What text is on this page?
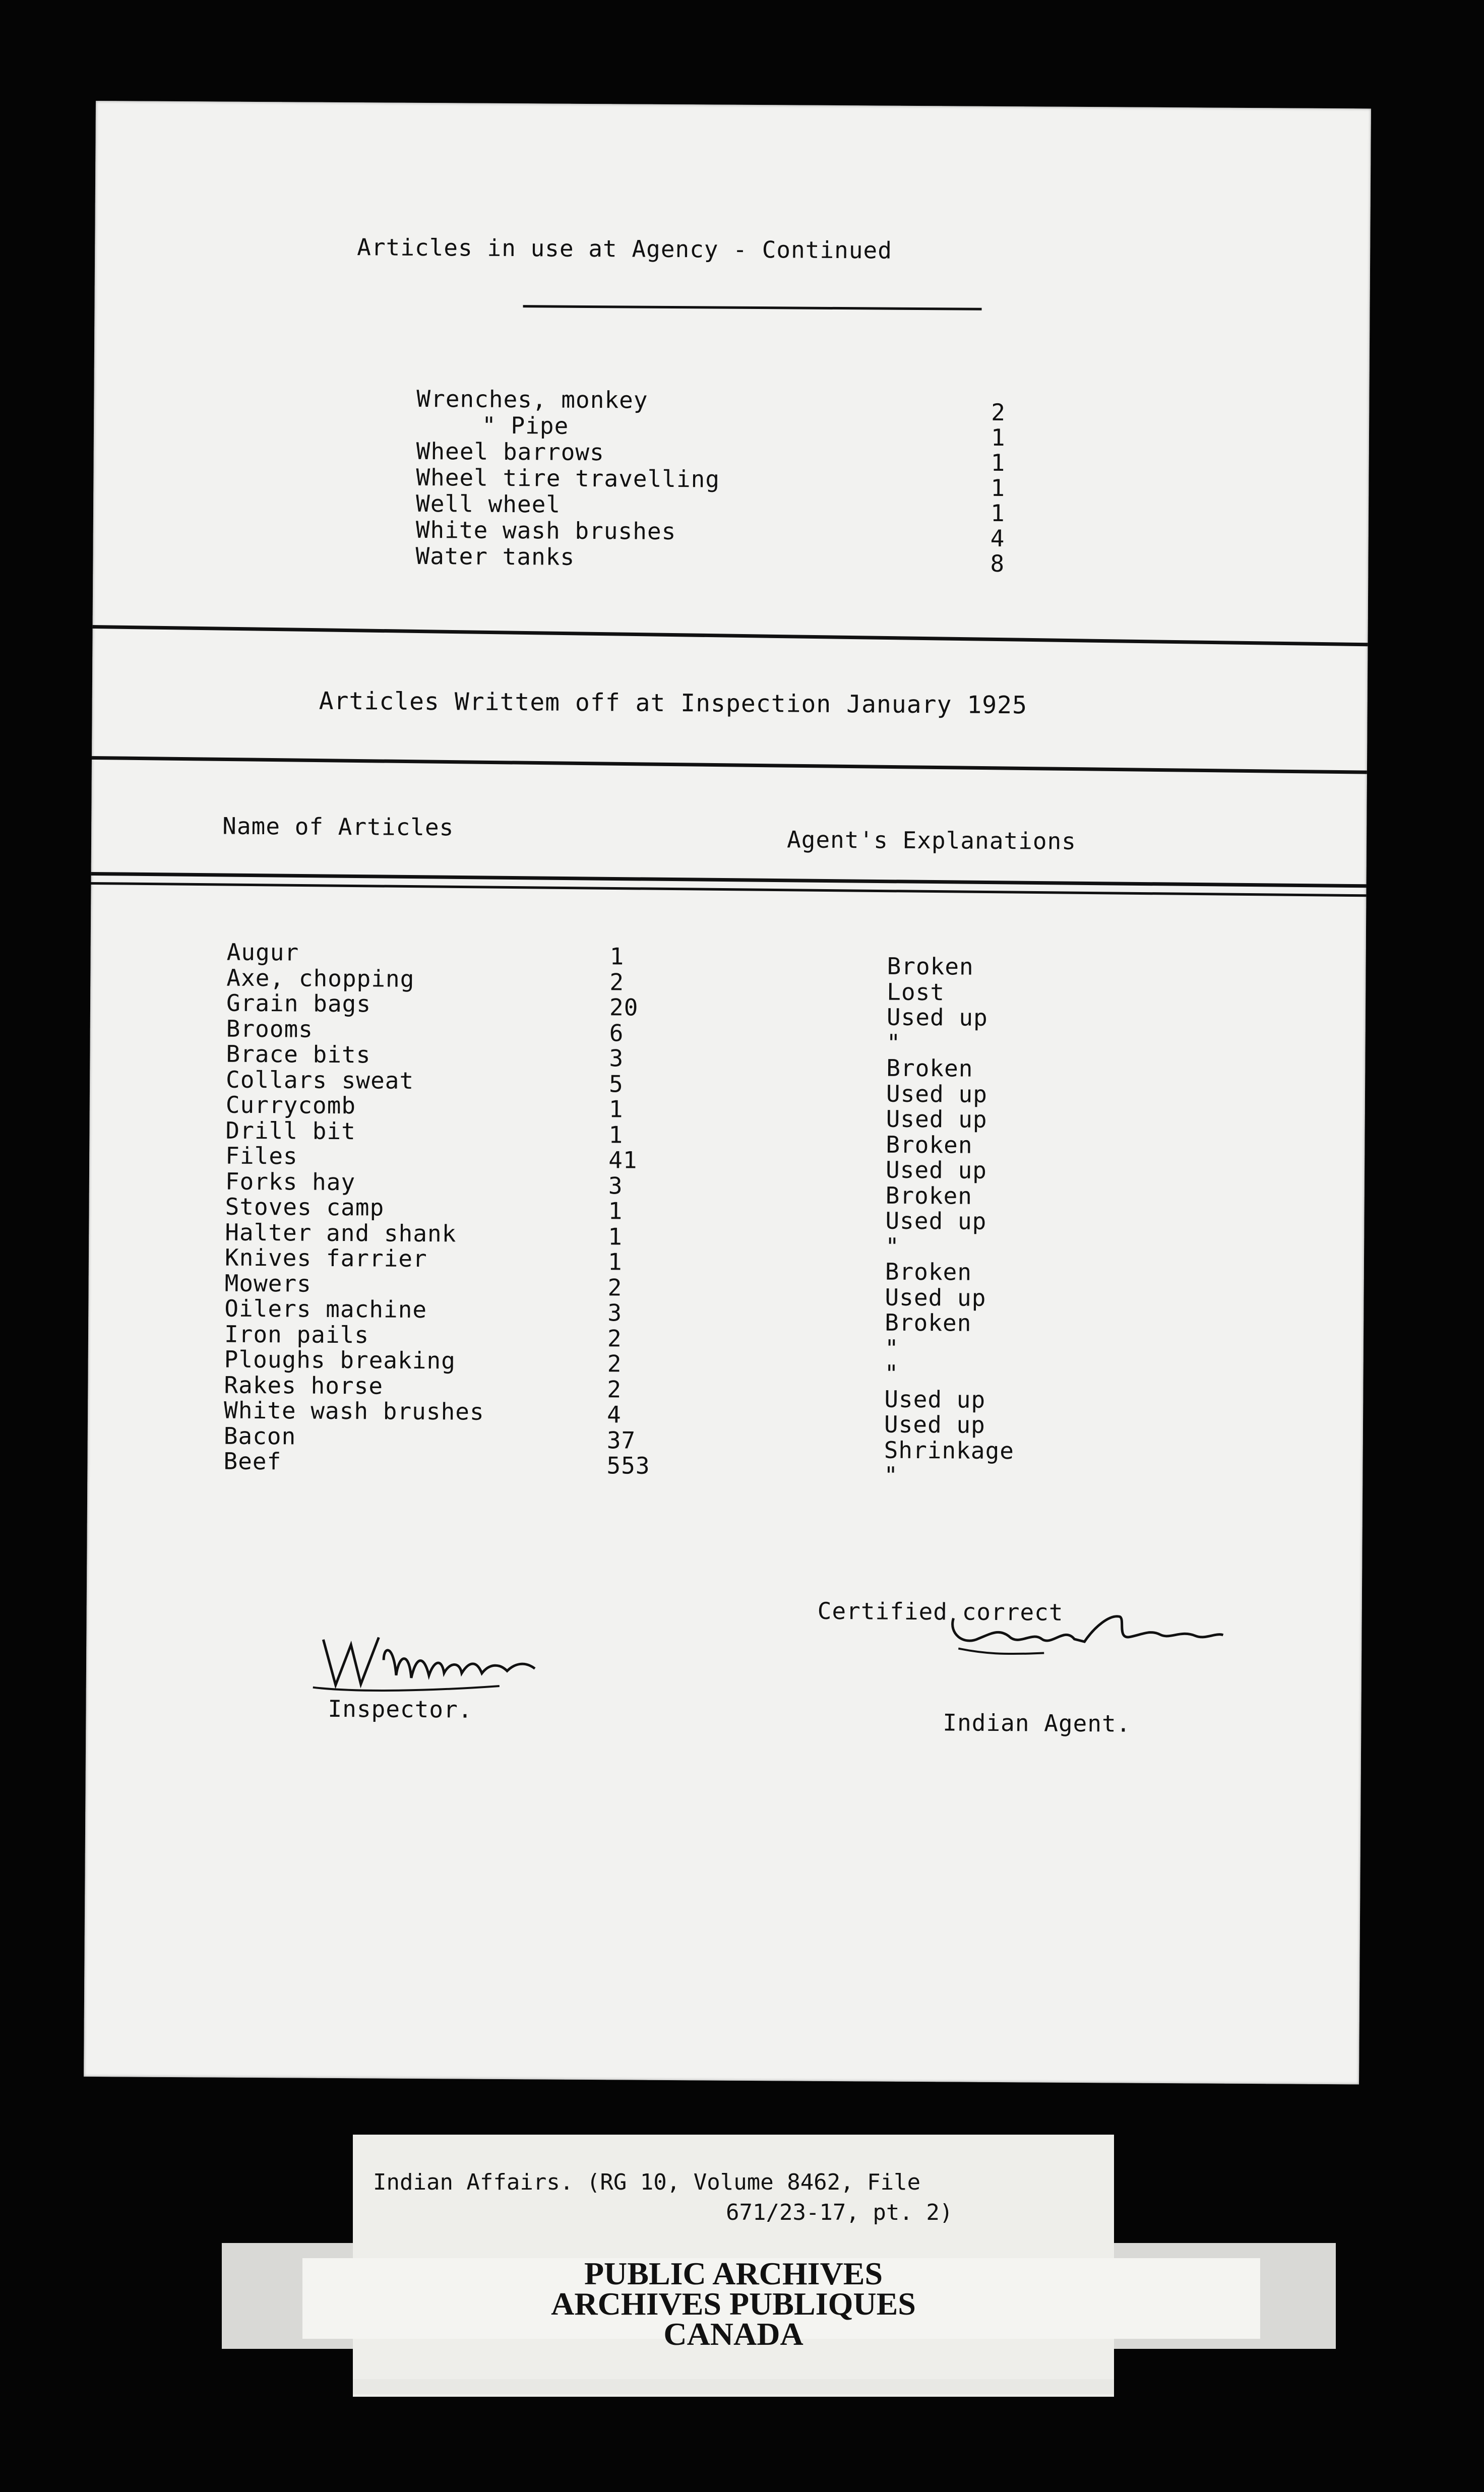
Articles in use at Agency - Continued
Wrenches, monkey	2
" Pipe	1
Wheel barrows	1
Wheel tire travelling	1
Well wheel	1
White wash brushes	4
Water tanks	8
Articles Writtem off at Inspection January 1925
Name of Articles	Agent's Explanations
Augur	1	Broken
Axe, chopping	2	Lost
Grain bags	20	Used up
Brooms	6	"
Brace bits	3	Broken
Collars sweat	5	Used up
Currycomb	1	Used up
Drill bit	1	Broken
Files	41	Used up
Forks hay	3	Broken
Stoves camp	1	Used up
Halter and shank	1	"
Knives farrier	1	Broken
Mowers	2	Used up
Oilers machine	3	Broken
Iron pails	2	"
Ploughs breaking	2	"
Rakes horse	2	Used up
White wash brushes	4	Used up
Bacon	37	Shrinkage
Beef	553	"
Certified correct
Indian Agent.
Inspector.
Indian Affairs. (RG 10, Volume 8462, File
671/23-17, pt. 2)
PUBLIC ARCHIVES
ARCHIVES PUBLIQUES
CANADA
